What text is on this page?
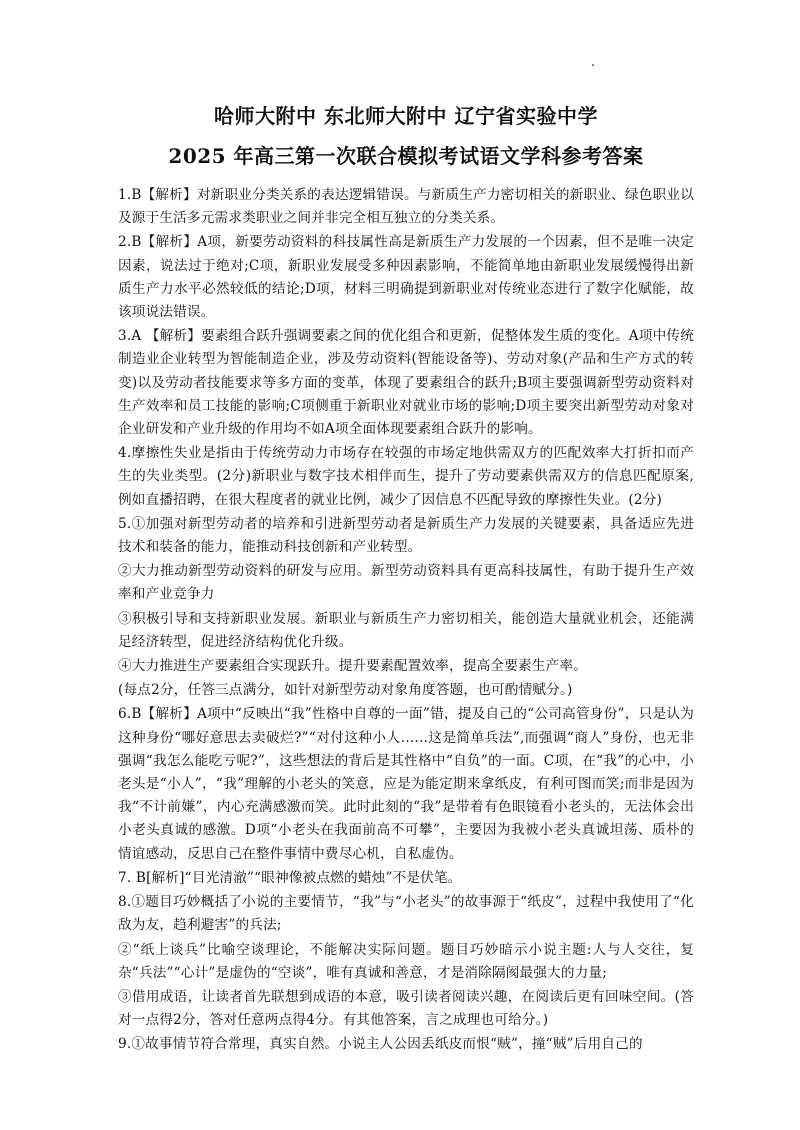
哈师大附中 东北师大附中 辽宁省实验中学
2025 年高三第一次联合模拟考试语文学科参考答案

1.B【解析】对新职业分类关系的表达逻辑错误。与新质生产力密切相关的新职业、绿色职业以及源于生活多元需求类职业之间并非完全相互独立的分类关系。

2.B【解析】A项，新要劳动资料的科技属性高是新质生产力发展的一个因素，但不是唯一决定因素，说法过于绝对;C项，新职业发展受多种因素影响，不能简单地由新职业发展缓慢得出新质生产力水平必然较低的结论;D项，材料三明确提到新职业对传统业态进行了数字化赋能，故该项说法错误。

3.A 【解析】要素组合跃升强调要素之间的优化组合和更新，促整体发生质的变化。A项中传统制造业企业转型为智能制造企业，涉及劳动资料(智能设备等)、劳动对象(产品和生产方式的转变)以及劳动者技能要求等多方面的变革，体现了要素组合的跃升;B项主要强调新型劳动资料对生产效率和员工技能的影响;C项侧重于新职业对就业市场的影响;D项主要突出新型劳动对象对企业研发和产业升级的作用均不如A项全面体现要素组合跃升的影响。

4.摩擦性失业是指由于传统劳动力市场存在较强的市场定地供需双方的匹配效率大打折扣而产生的失业类型。(2分)新职业与数字技术相伴而生，提升了劳动要素供需双方的信息匹配原案,例如直播招聘，在很大程度者的就业比例，减少了因信息不匹配导致的摩擦性失业。(2分)

5.①加强对新型劳动者的培养和引进新型劳动者是新质生产力发展的关键要素，具备适应先进技术和装备的能力，能推动科技创新和产业转型。

②大力推动新型劳动资料的研发与应用。新型劳动资料具有更高科技属性，有助于提升生产效率和产业竞争力

③积极引导和支持新职业发展。新职业与新质生产力密切相关，能创造大量就业机会，还能满足经济转型，促进经济结构优化升级。

④大力推进生产要素组合实现跃升。提升要素配置效率，提高全要素生产率。

(每点2分，任答三点满分，如针对新型劳动对象角度答题，也可酌情赋分。)

6.B【解析】A项中“反映出“我”性格中自尊的一面”错，提及自己的“公司高管身份”，只是认为这种身份“哪好意思去卖破烂?”“对付这种小人……这是简单兵法”,而强调“商人”身份，也无非强调“我怎么能吃亏呢?”，这些想法的背后是其性格中“自负”的一面。C项，在“我”的心中，小老头是“小人”，“我”理解的小老头的笑意，应是为能定期来拿纸皮，有利可图而笑;而非是因为我“不计前嫌”，内心充满感激而笑。此时此刻的“我”是带着有色眼镜看小老头的，无法体会出小老头真诚的感激。D项“小老头在我面前高不可攀”，主要因为我被小老头真诚坦荡、质朴的情谊感动，反思自己在整件事情中费尽心机，自私虚伪。

7. B[解析]“目光清澈”“眼神像被点燃的蜡烛”不是伏笔。

8.①题目巧妙概括了小说的主要情节，“我”与“小老头”的故事源于“纸皮”，过程中我使用了“化敌为友，趋利避害”的兵法;

②“纸上谈兵”比喻空谈理论，不能解决实际问题。题目巧妙暗示小说主题:人与人交往，复杂“兵法”“心计”是虚伪的“空谈”，唯有真诚和善意，才是消除隔阂最强大的力量;

③借用成语，让读者首先联想到成语的本意，吸引读者阅读兴趣，在阅读后更有回味空间。(答对一点得2分，答对任意两点得4分。有其他答案，言之成理也可给分。)

9.①故事情节符合常理，真实自然。小说主人公因丢纸皮而恨“贼”，撞“贼”后用自己的
